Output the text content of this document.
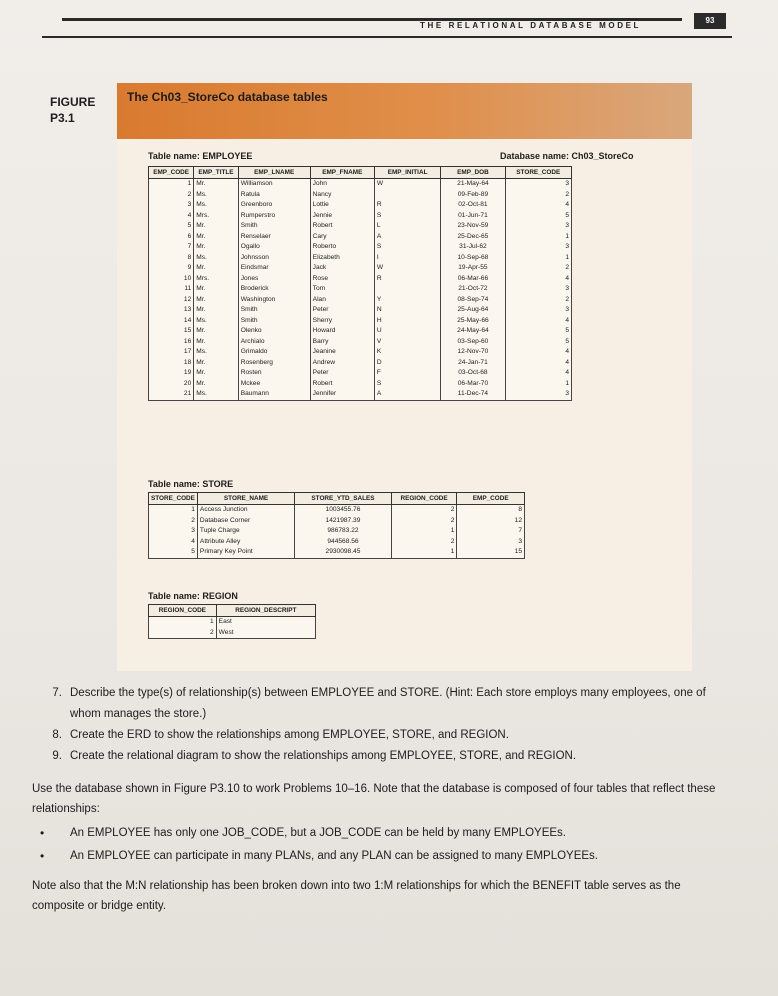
THE RELATIONAL DATABASE MODEL
93
FIGURE
P3.1
The Ch03_StoreCo database tables
Table name: EMPLOYEE	Database name: Ch03_StoreCo
EMP_CODE	EMP_TITLE	EMP_LNAME	EMP_FNAME	EMP_INITIAL	EMP_DOB	STORE_CODE
1	Mr.	Williamson	John	W	21-May-64	3
2	Ms.	Ratula	Nancy		09-Feb-89	2
3	Ms.	Greenboro	Lottie	R	02-Oct-81	4
4	Mrs.	Rumperstro	Jennie	S	01-Jun-71	5
5	Mr.	Smith	Robert	L	23-Nov-59	3
6	Mr.	Renselaer	Cary	A	25-Dec-65	1
7	Mr.	Ogallo	Roberto	S	31-Jul-62	3
8	Ms.	Johnsson	Elizabeth	I	10-Sep-68	1
9	Mr.	Eindsmar	Jack	W	19-Apr-55	2
10	Mrs.	Jones	Rose	R	06-Mar-66	4
11	Mr.	Broderick	Tom		21-Oct-72	3
12	Mr.	Washington	Alan	Y	08-Sep-74	2
13	Mr.	Smith	Peter	N	25-Aug-64	3
14	Ms.	Smith	Sherry	H	25-May-66	4
15	Mr.	Olenko	Howard	U	24-May-64	5
16	Mr.	Archialo	Barry	V	03-Sep-60	5
17	Ms.	Grimaldo	Jeanine	K	12-Nov-70	4
18	Mr.	Rosenberg	Andrew	D	24-Jan-71	4
19	Mr.	Rosten	Peter	F	03-Oct-68	4
20	Mr.	Mckee	Robert	S	06-Mar-70	1
21	Ms.	Baumann	Jennifer	A	11-Dec-74	3
Table name: STORE
STORE_CODE	STORE_NAME	STORE_YTD_SALES	REGION_CODE	EMP_CODE
1	Access Junction	1003455.76	2	8
2	Database Corner	1421987.39	2	12
3	Tuple Charge	986783.22	1	7
4	Attribute Alley	944568.56	2	3
5	Primary Key Point	2930098.45	1	15
Table name: REGION
REGION_CODE	REGION_DESCRIPT
1	East
2	West
7. Describe the type(s) of relationship(s) between EMPLOYEE and STORE. (Hint: Each store employs many employees, one of whom manages the store.)
8. Create the ERD to show the relationships among EMPLOYEE, STORE, and REGION.
9. Create the relational diagram to show the relationships among EMPLOYEE, STORE, and REGION.
Use the database shown in Figure P3.10 to work Problems 10–16. Note that the database is composed of four tables that reflect these relationships:
•	An EMPLOYEE has only one JOB_CODE, but a JOB_CODE can be held by many EMPLOYEEs.
•	An EMPLOYEE can participate in many PLANs, and any PLAN can be assigned to many EMPLOYEEs.
Note also that the M:N relationship has been broken down into two 1:M relationships for which the BENEFIT table serves as the composite or bridge entity.
